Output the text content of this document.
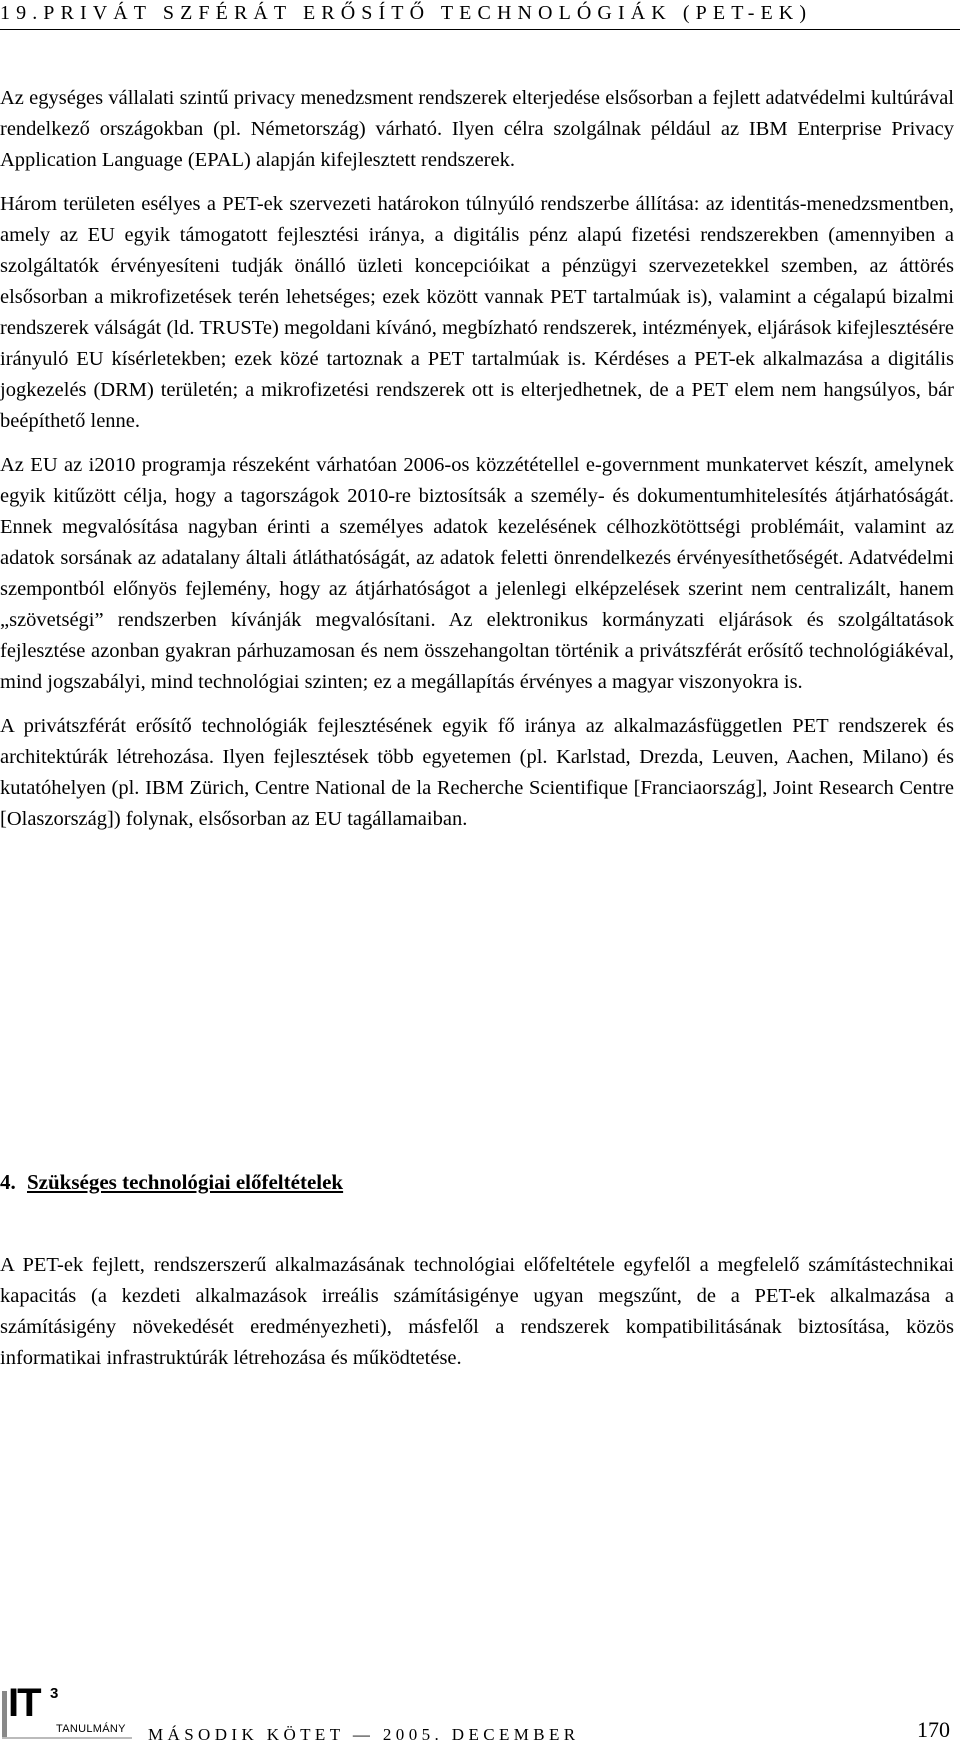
19.PRIVÁT SZFÉRÁT ERŐSÍTŐ TECHNOLÓGIÁK (PET-EK)

Az egységes vállalati szintű privacy menedzsment rendszerek elterjedése elsősorban a fejlett adatvédelmi kultúrával rendelkező országokban (pl. Németország) várható. Ilyen célra szolgálnak például az IBM Enterprise Privacy Application Language (EPAL) alapján kifejlesztett rendszerek.

Három területen esélyes a PET-ek szervezeti határokon túlnyúló rendszerbe állítása: az identitás-menedzsmentben, amely az EU egyik támogatott fejlesztési iránya, a digitális pénz alapú fizetési rendszerekben (amennyiben a szolgáltatók érvényesíteni tudják önálló üzleti koncepcióikat a pénzügyi szervezetekkel szemben, az áttörés elsősorban a mikrofizetések terén lehetséges; ezek között vannak PET tartalmúak is), valamint a cégalapú bizalmi rendszerek válságát (ld. TRUSTe) megoldani kívánó, megbízható rendszerek, intézmények, eljárások kifejlesztésére irányuló EU kísérletekben; ezek közé tartoznak a PET tartalmúak is. Kérdéses a PET-ek alkalmazása a digitális jogkezelés (DRM) területén; a mikrofizetési rendszerek ott is elterjedhetnek, de a PET elem nem hangsúlyos, bár beépíthető lenne.

Az EU az i2010 programja részeként várhatóan 2006-os közzététellel e-government munkatervet készít, amelynek egyik kitűzött célja, hogy a tagországok 2010-re biztosítsák a személy- és dokumentumhitelesítés átjárhatóságát. Ennek megvalósítása nagyban érinti a személyes adatok kezelésének célhozkötöttségi problémáit, valamint az adatok sorsának az adatalany általi átláthatóságát, az adatok feletti önrendelkezés érvényesíthetőségét. Adatvédelmi szempontból előnyös fejlemény, hogy az átjárhatóságot a jelenlegi elképzelések szerint nem centralizált, hanem „szövetségi” rendszerben kívánják megvalósítani. Az elektronikus kormányzati eljárások és szolgáltatások fejlesztése azonban gyakran párhuzamosan és nem összehangoltan történik a privátszférát erősítő technológiákéval, mind jogszabályi, mind technológiai szinten; ez a megállapítás érvényes a magyar viszonyokra is.

A privátszférát erősítő technológiák fejlesztésének egyik fő iránya az alkalmazásfüggetlen PET rendszerek és architektúrák létrehozása. Ilyen fejlesztések több egyetemen (pl. Karlstad, Drezda, Leuven, Aachen, Milano) és kutatóhelyen (pl. IBM Zürich, Centre National de la Recherche Scientifique [Franciaország], Joint Research Centre [Olaszország]) folynak, elsősorban az EU tagállamaiban.

4. Szükséges technológiai előfeltételek

A PET-ek fejlett, rendszerszerű alkalmazásának technológiai előfeltétele egyfelől a megfelelő számítástechnikai kapacitás (a kezdeti alkalmazások irreális számításigénye ugyan megszűnt, de a PET-ek alkalmazása a számításigény növekedését eredményezheti), másfelől a rendszerek kompatibilitásának biztosítása, közös informatikai infrastruktúrák létrehozása és működtetése.

IT 3
TANULMÁNY MÁSODIK KÖTET — 2005. DECEMBER	170
